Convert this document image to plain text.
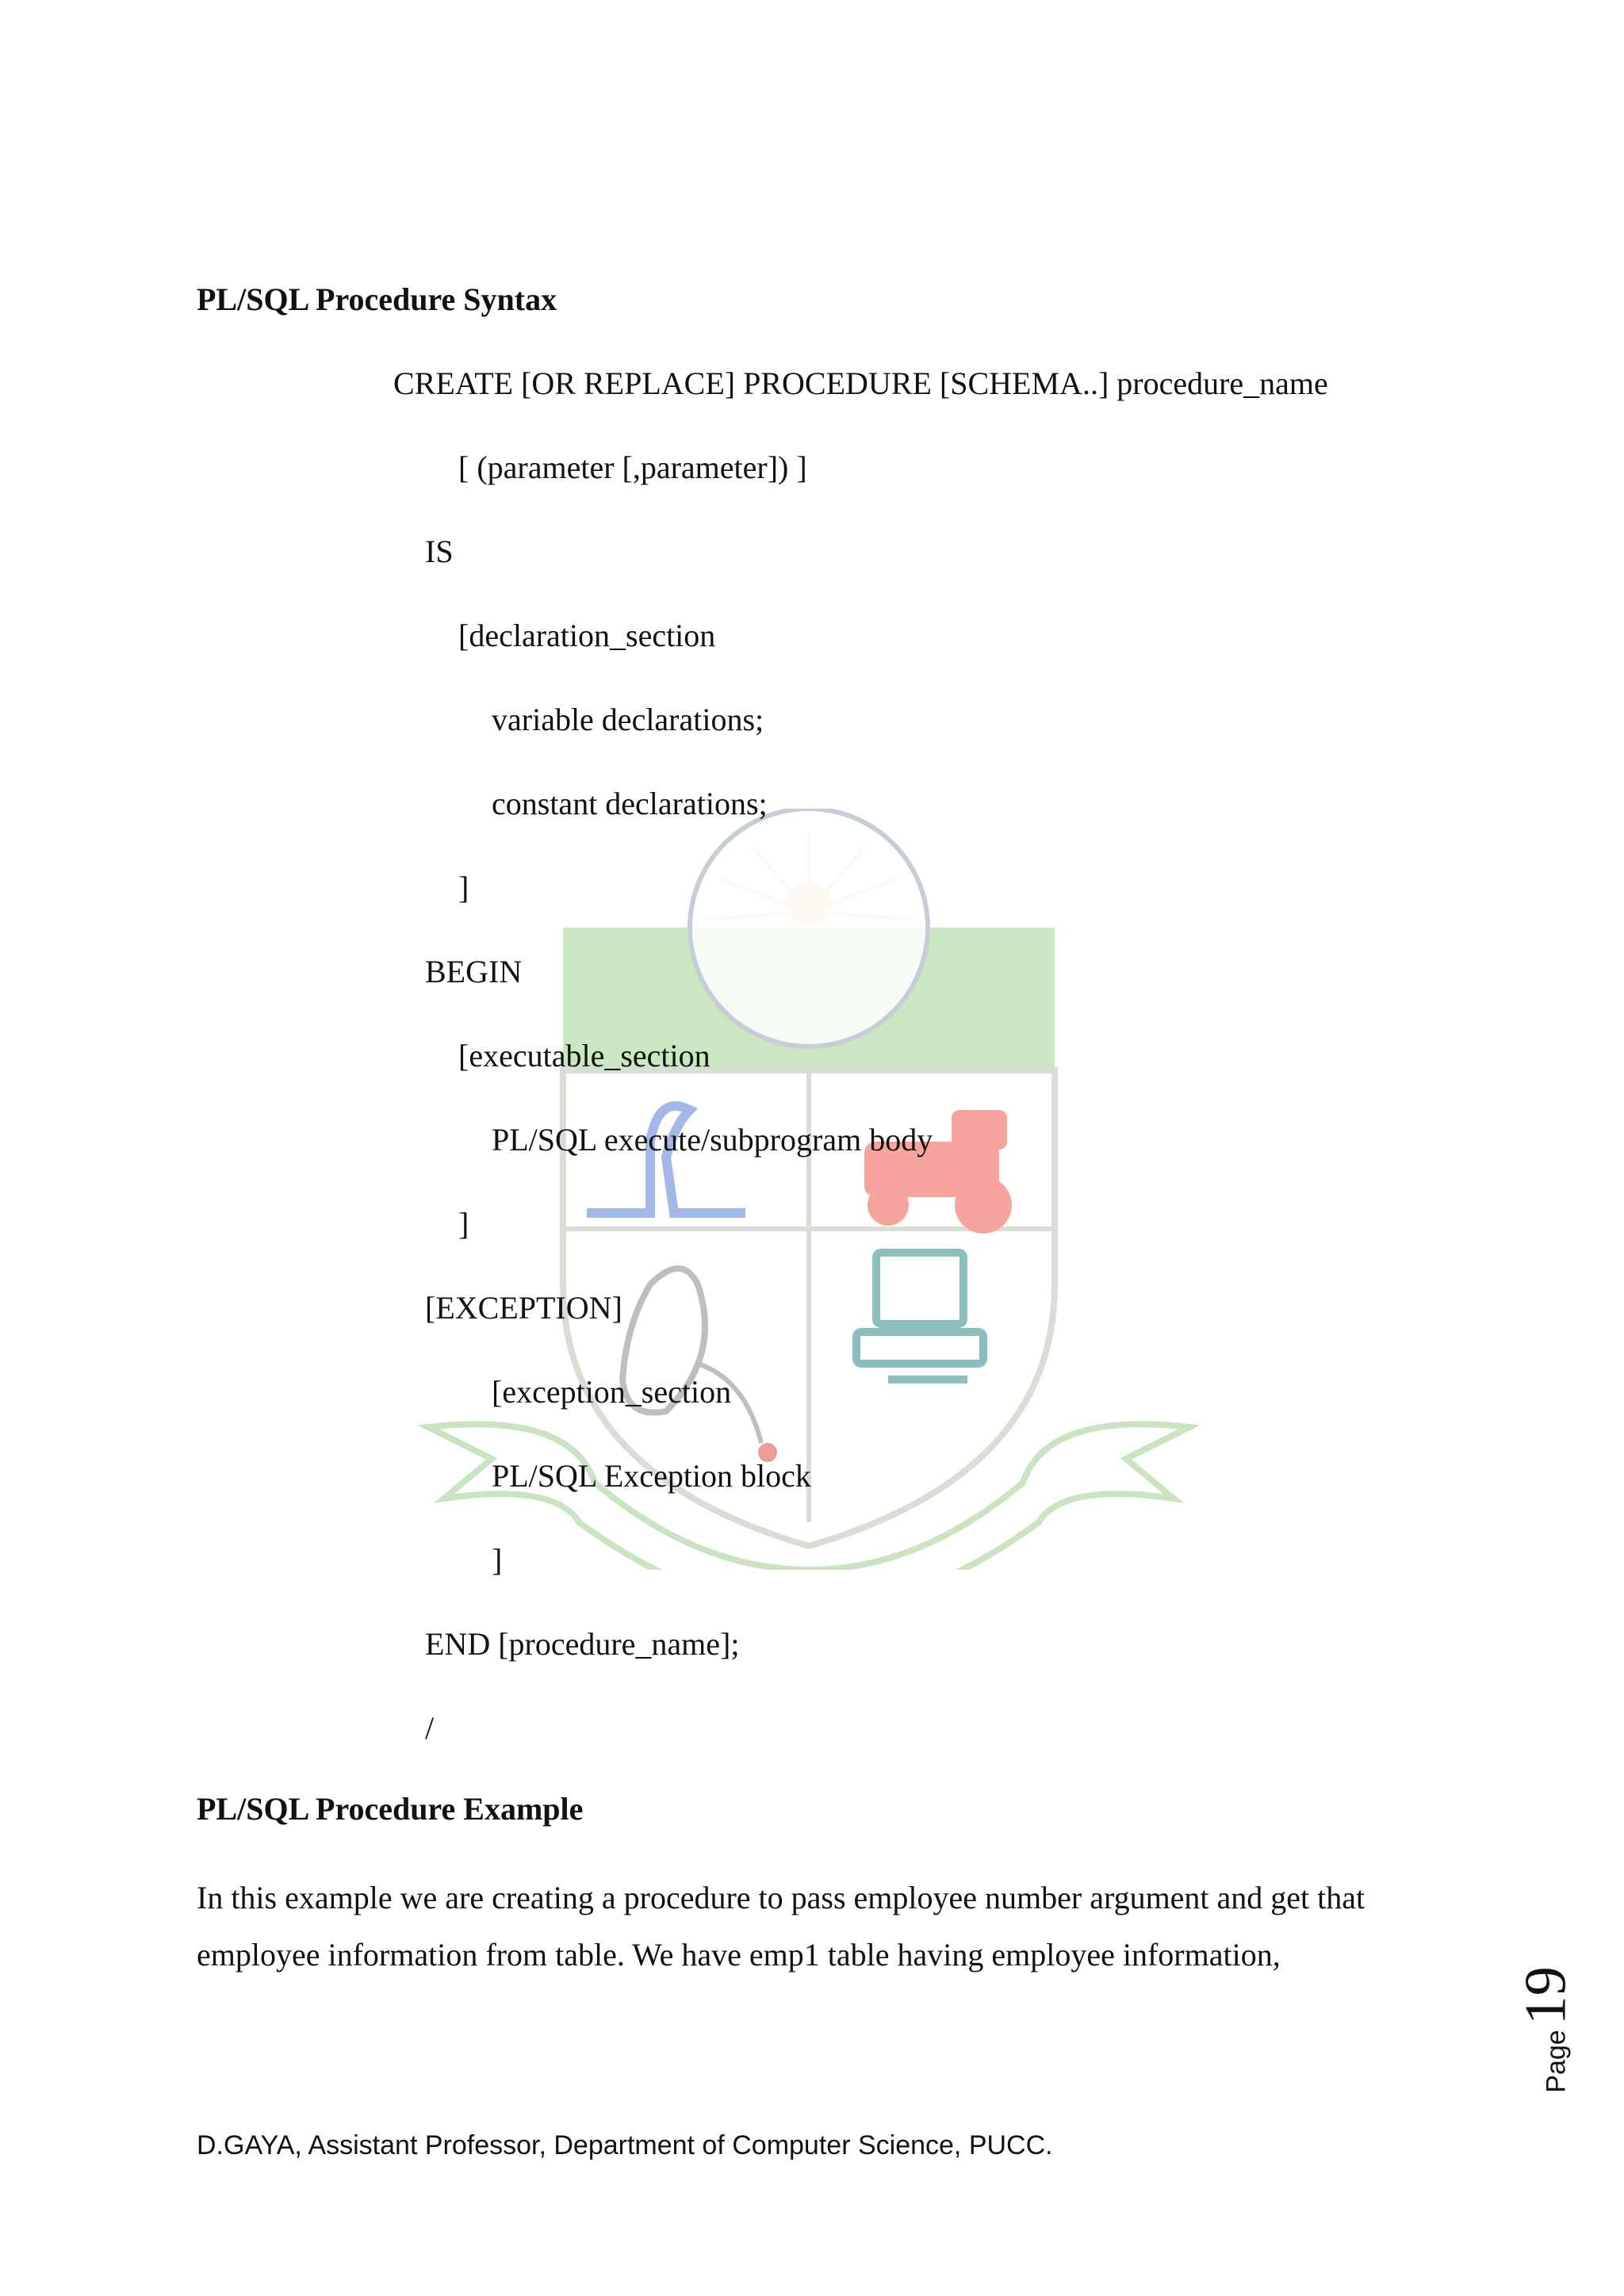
PL/SQL Procedure Syntax
CREATE [OR REPLACE] PROCEDURE [SCHEMA..] procedure_name
[ (parameter [,parameter]) ]
IS
[declaration_section
variable declarations;
constant declarations;
]
BEGIN
[executable_section
PL/SQL execute/subprogram body
]
[EXCEPTION]
[exception_section
PL/SQL Exception block
]
END [procedure_name];
/
PL/SQL Procedure Example

In this example we are creating a procedure to pass employee number argument and get that

employee information from table. We have emp1 table having employee information,

Page19
D.GAYA, Assistant Professor, Department of Computer Science, PUCC.
